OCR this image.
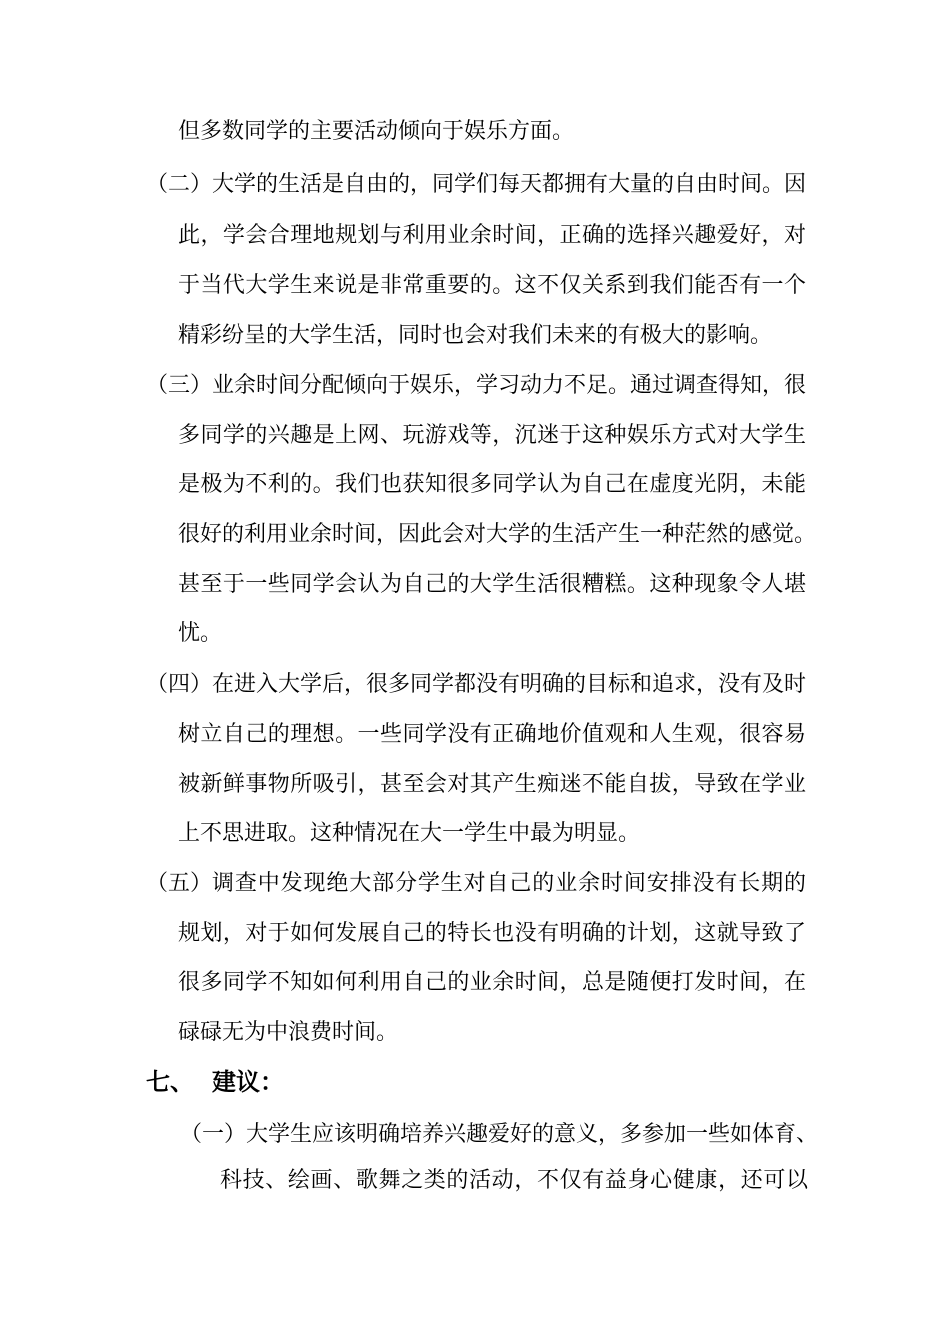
但多数同学的主要活动倾向于娱乐方面。

（二） 大学的生活是自由的，同学们每天都拥有大量的自由时间。因

此，学会合理地规划与利用业余时间，正确的选择兴趣爱好，对

于当代大学生来说是非常重要的。这不仅关系到我们能否有一个

精彩纷呈的大学生活，同时也会对我们未来的有极大的影响。

（三） 业余时间分配倾向于娱乐，学习动力不足。通过调查得知，很

多同学的兴趣是上网、玩游戏等，沉迷于这种娱乐方式对大学生

是极为不利的。我们也获知很多同学认为自己在虚度光阴，未能

很好的利用业余时间，因此会对大学的生活产生一种茫然的感觉。

甚至于一些同学会认为自己的大学生活很糟糕。这种现象令人堪

忧。

（四） 在进入大学后，很多同学都没有明确的目标和追求，没有及时

树立自己的理想。一些同学没有正确地价值观和人生观，很容易

被新鲜事物所吸引，甚至会对其产生痴迷不能自拔，导致在学业

上不思进取。这种情况在大一学生中最为明显。

（五） 调查中发现绝大部分学生对自己的业余时间安排没有长期的

规划，对于如何发展自己的特长也没有明确的计划，这就导致了

很多同学不知如何利用自己的业余时间，总是随便打发时间，在

碌碌无为中浪费时间。

七、 建议：
（一） 大学生应该明确培养兴趣爱好的意义，多参加一些如体育、

科技、绘画、歌舞之类的活动，不仅有益身心健康，还可以
